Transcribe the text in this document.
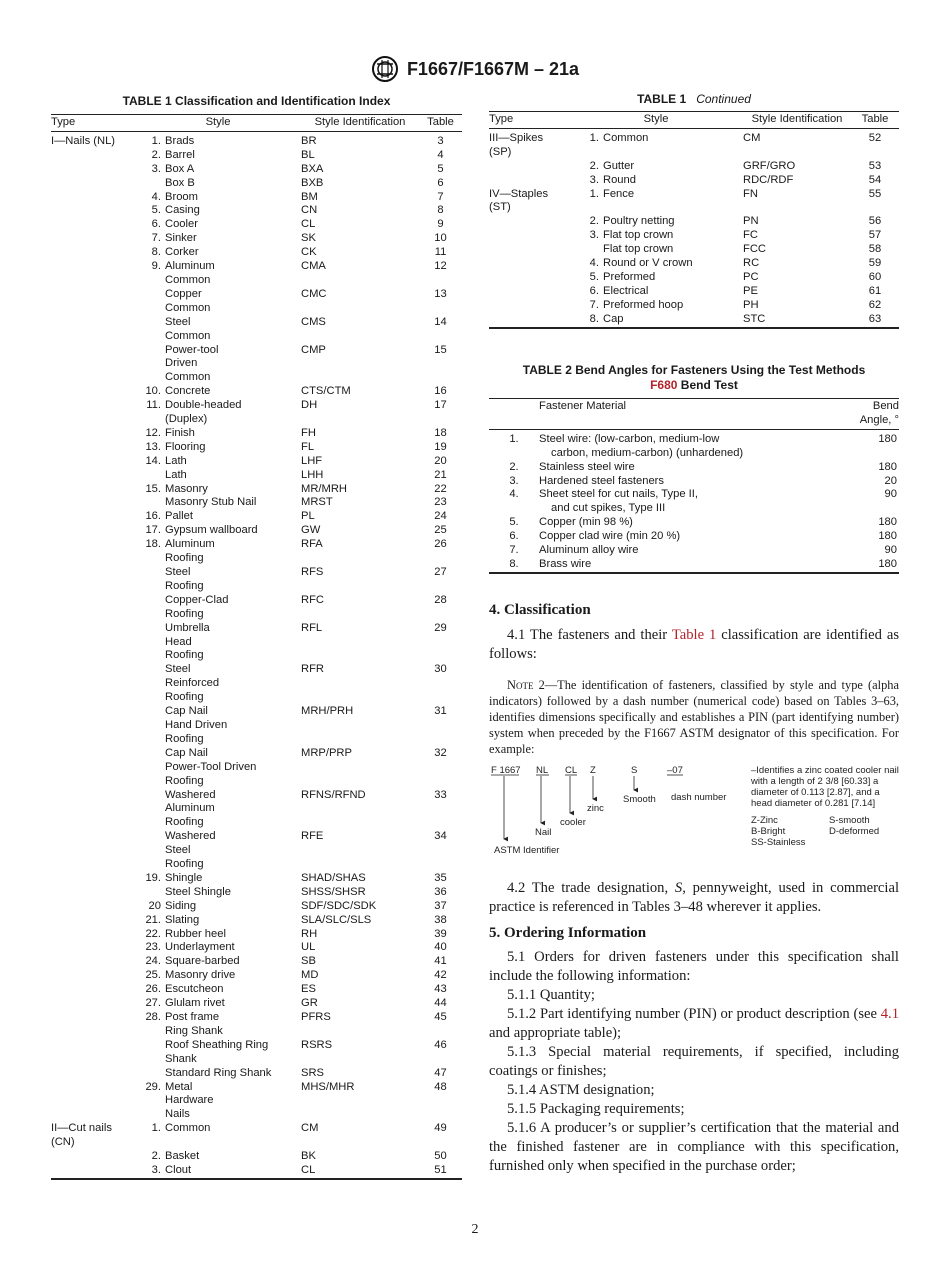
F1667/F1667M – 21a
TABLE 1 Classification and Identification Index
Type	Style		Style Identification	Table
I—Nails (NL)	1.	Brads	BR	3
	2.	Barrel	BL	4
	3.	Box A	BXA	5
		Box B	BXB	6
	4.	Broom	BM	7
	5.	Casing	CN	8
	6.	Cooler	CL	9
	7.	Sinker	SK	10
	8.	Corker	CK	11
	9.	Aluminum	CMA	12
		Common		
		Copper	CMC	13
		Common		
		Steel	CMS	14
		Common		
		Power-tool	CMP	15
		Driven		
		Common		
	10.	Concrete	CTS/CTM	16
	11.	Double-headed	DH	17
		(Duplex)		
	12.	Finish	FH	18
	13.	Flooring	FL	19
	14.	Lath	LHF	20
		Lath	LHH	21
	15.	Masonry	MR/MRH	22
		Masonry Stub Nail	MRST	23
	16.	Pallet	PL	24
	17.	Gypsum wallboard	GW	25
	18.	Aluminum	RFA	26
		Roofing		
		Steel	RFS	27
		Roofing		
		Copper-Clad	RFC	28
		Roofing		
		Umbrella	RFL	29
		Head		
		Roofing		
		Steel	RFR	30
		Reinforced		
		Roofing		
		Cap Nail	MRH/PRH	31
		Hand Driven		
		Roofing		
		Cap Nail	MRP/PRP	32
		Power-Tool Driven		
		Roofing		
		Washered	RFNS/RFND	33
		Aluminum		
		Roofing		
		Washered	RFE	34
		Steel		
		Roofing		
	19.	Shingle	SHAD/SHAS	35
		Steel Shingle	SHSS/SHSR	36
	20	Siding	SDF/SDC/SDK	37
	21.	Slating	SLA/SLC/SLS	38
	22.	Rubber heel	RH	39
	23.	Underlayment	UL	40
	24.	Square-barbed	SB	41
	25.	Masonry drive	MD	42
	26.	Escutcheon	ES	43
	27.	Glulam rivet	GR	44
	28.	Post frame	PFRS	45
		Ring Shank		
		Roof Sheathing Ring	RSRS	46
		Shank		
		Standard Ring Shank	SRS	47
	29.	Metal	MHS/MHR	48
		Hardware		
		Nails		
II—Cut nails	1.	Common	CM	49
(CN)				
	2.	Basket	BK	50
	3.	Clout	CL	51
TABLE 1 Continued
Type	Style		Style Identification	Table
III—Spikes	1.	Common	CM	52
(SP)				
	2.	Gutter	GRF/GRO	53
	3.	Round	RDC/RDF	54
IV—Staples	1.	Fence	FN	55
(ST)				
	2.	Poultry netting	PN	56
	3.	Flat top crown	FC	57
		Flat top crown	FCC	58
	4.	Round or V crown	RC	59
	5.	Preformed	PC	60
	6.	Electrical	PE	61
	7.	Preformed hoop	PH	62
	8.	Cap	STC	63
TABLE 2 Bend Angles for Fasteners Using the Test Methods
F680 Bend Test
	Fastener Material	Bend
Angle, °
1.	Steel wire: (low-carbon, medium-low
carbon, medium-carbon) (unhardened)	180
2.	Stainless steel wire	180
3.	Hardened steel fasteners	20
4.	Sheet steel for cut nails, Type II,
and cut spikes, Type III	90
5.	Copper (min 98 %)	180
6.	Copper clad wire (min 20 %)	180
7.	Aluminum alloy wire	90
8.	Brass wire	180
4. Classification
4.1 The fasteners and their Table 1 classification are identified as follows:
Note 2—The identification of fasteners, classified by style and type (alpha indicators) followed by a dash number (numerical code) based on Tables 3–63, identifies dimensions specifically and establishes a PIN (part identifying number) system when preceded by the F1667 ASTM designator of this specification. For example:
F 1667 NL CL Z	S	–07
ASTM Identifier
Nail
cooler
zinc
Smooth dash number
–Identifies a zinc coated cooler nail
with a length of 2 3/8 [60.33] a
diameter of 0.113 [2.87], and a
head diameter of 0.281 [7.14]
Z-Zinc
B-Bright
SS-Stainless
S-smooth
D-deformed
4.2 The trade designation, S, pennyweight, used in commercial practice is referenced in Tables 3–48 wherever it applies.
5. Ordering Information
5.1 Orders for driven fasteners under this specification shall include the following information:
5.1.1 Quantity;
5.1.2 Part identifying number (PIN) or product description (see 4.1 and appropriate table);
5.1.3 Special material requirements, if specified, including coatings or finishes;
5.1.4 ASTM designation;
5.1.5 Packaging requirements;
5.1.6 A producer’s or supplier’s certification that the material and the finished fastener are in compliance with this specification, furnished only when specified in the purchase order;
2
